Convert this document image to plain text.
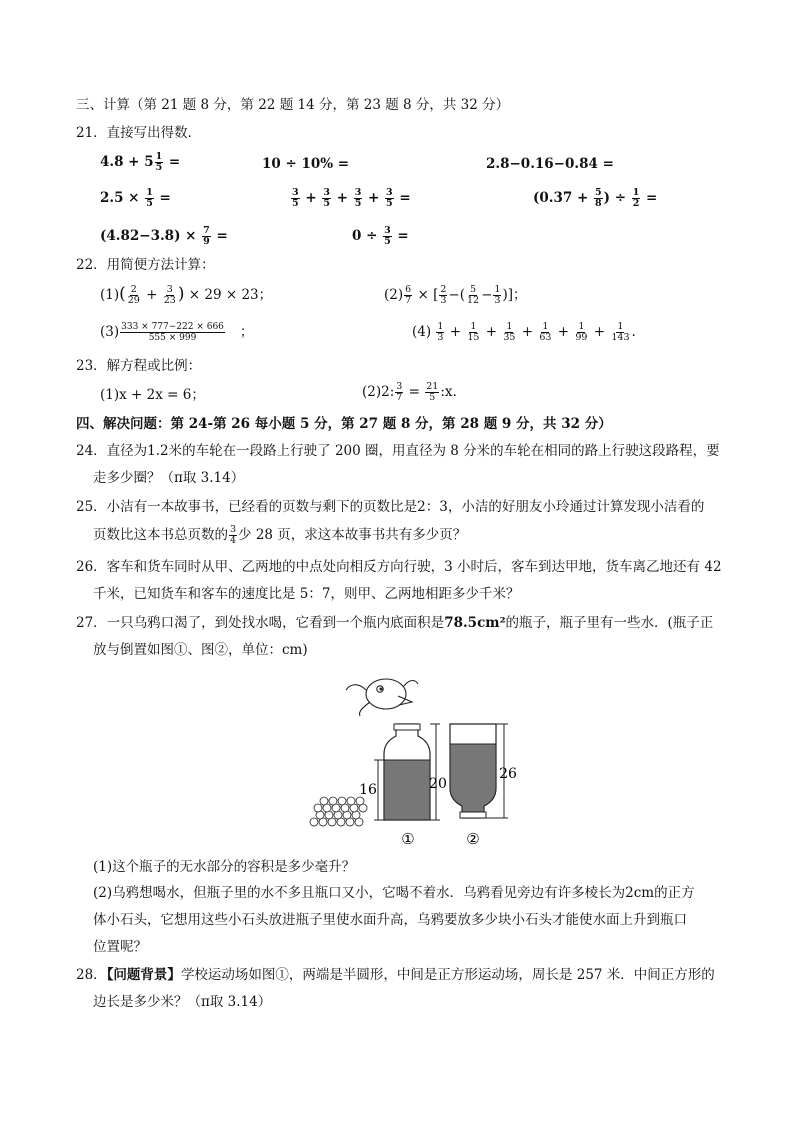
三、计算（第 21 题 8 分，第 22 题 14 分，第 23 题 8 分，共 32 分）
21．直接写出得数．
$4.8 + 5 \frac{1}{5}$ =	10 ÷ 10% =	2.8−0.16−0.84 =
$2.5 \times \frac{1}{5}$ =	$\frac{3}{5} + \frac{3}{5} + \frac{3}{5} + \frac{3}{5}$ =	($0.37 + \frac{5}{8}$ ) ÷ $\frac{1}{2}$ =
$(4.82-3.8) \times \frac{7}{9}$ =	$0 \div \frac{3}{5}$ =
22．用简便方法计算：
$(1)( \frac{2}{29} + \frac{3}{23}$ ) × 29 × 23；	$(2) \frac{6}{7}$ × [ $\frac{2}{3}$ −( $\frac{5}{12} - \frac{1}{3}$ )]；
$(3) \frac{333 \times 777-222 \times 666}{555 \times 999}$ ；	$(4) \frac{1}{3} + \frac{1}{15} + \frac{1}{35} + \frac{1}{63} + \frac{1}{99} + \frac{1}{143}$ .
23．解方程或比例：
(1)x + 2x = 6；	(2)2: $\frac{3}{7} = \frac{21}{5}$ :x.
四、解决问题：第 24-第 26 每小题 5 分，第 27 题 8 分，第 28 题 9 分，共 32 分）
24．直径为1.2米的车轮在一段路上行驶了 200 圈，用直径为 8 分米的车轮在相同的路上行驶这段路程，要
走多少圈？（π取 3.14）
25．小洁有一本故事书，已经看的页数与剩下的页数比是2：3，小洁的好朋友小玲通过计算发现小洁看的
页数比这本书总页数的 $\frac{3}{4}$ 少 28 页，求这本故事书共有多少页？
26．客车和货车同时从甲、乙两地的中点处向相反方向行驶，3 小时后，客车到达甲地，货车离乙地还有 42
千米，已知货车和客车的速度比是 5：7，则甲、乙两地相距多少千米？
27．一只乌鸦口渴了，到处找水喝，它看到一个瓶内底面积是78.5cm²的瓶子，瓶子里有一些水．(瓶子正
放与倒置如图①、图②，单位：cm)
16	20
①
26
②
(1)这个瓶子的无水部分的容积是多少毫升？
(2)乌鸦想喝水，但瓶子里的水不多且瓶口又小，它喝不着水．乌鸦看见旁边有许多棱长为2cm的正方
体小石头，它想用这些小石头放进瓶子里使水面升高，乌鸦要放多少块小石头才能使水面上升到瓶口
位置呢？
28．【问题背景】学校运动场如图①，两端是半圆形，中间是正方形运动场，周长是 257 米．中间正方形的
边长是多少米？（π取 3.14）
